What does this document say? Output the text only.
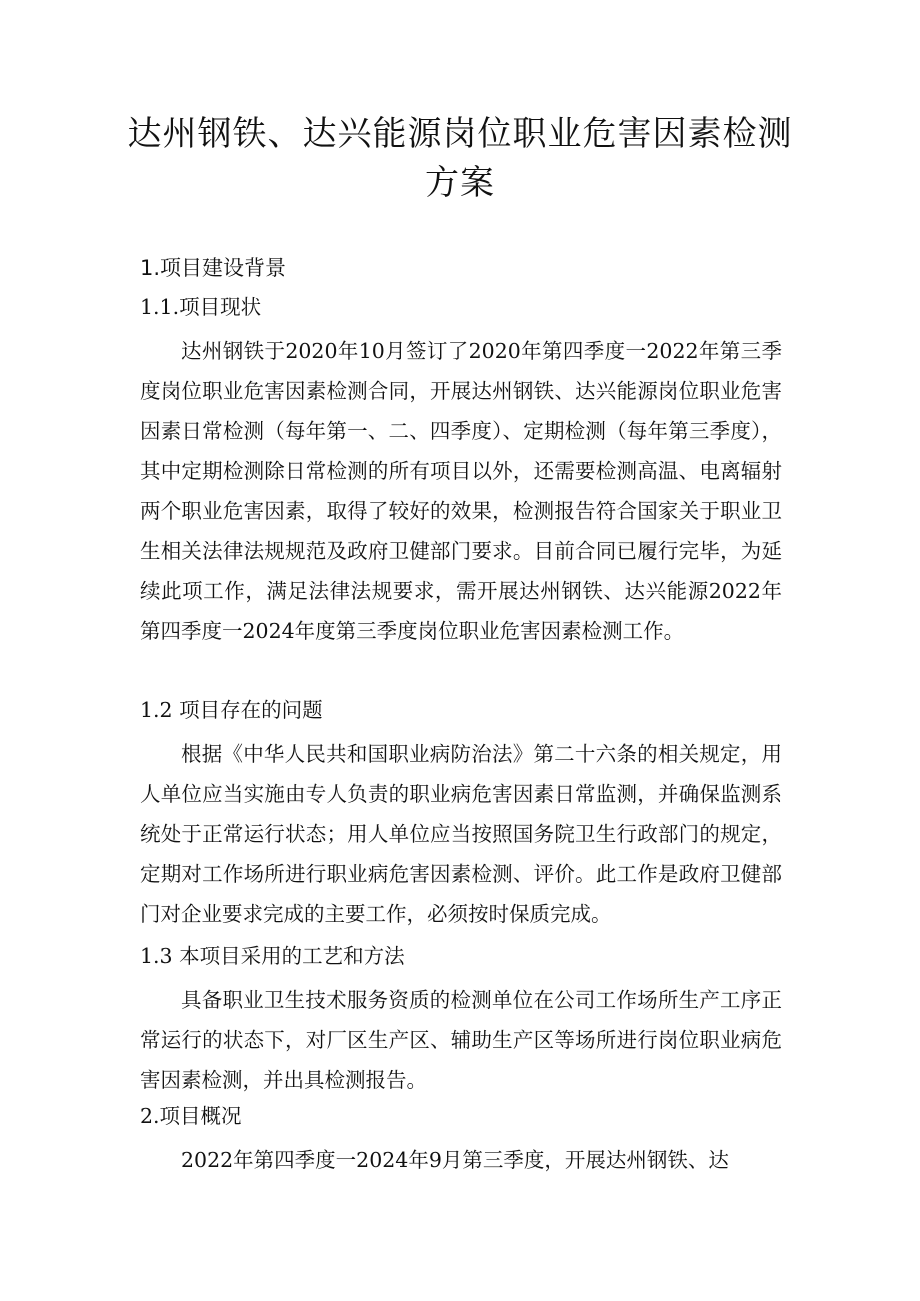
达州钢铁、达兴能源岗位职业危害因素检测
方案
1.项目建设背景
1.1.项目现状

达州钢铁于2020年10月签订了2020年第四季度一2022年第三季度岗位职业危害因素检测合同，开展达州钢铁、达兴能源岗位职业危害因素日常检测（每年第一、二、四季度）、定期检测（每年第三季度），其中定期检测除日常检测的所有项目以外，还需要检测高温、电离辐射两个职业危害因素，取得了较好的效果，检测报告符合国家关于职业卫生相关法律法规规范及政府卫健部门要求。目前合同已履行完毕，为延续此项工作，满足法律法规要求，需开展达州钢铁、达兴能源2022年第四季度一2024年度第三季度岗位职业危害因素检测工作。

1.2 项目存在的问题

根据《中华人民共和国职业病防治法》第二十六条的相关规定，用人单位应当实施由专人负责的职业病危害因素日常监测，并确保监测系统处于正常运行状态；用人单位应当按照国务院卫生行政部门的规定，定期对工作场所进行职业病危害因素检测、评价。此工作是政府卫健部门对企业要求完成的主要工作，必须按时保质完成。

1.3 本项目采用的工艺和方法

具备职业卫生技术服务资质的检测单位在公司工作场所生产工序正常运行的状态下，对厂区生产区、辅助生产区等场所进行岗位职业病危害因素检测，并出具检测报告。

2.项目概况

2022年第四季度一2024年9月第三季度，开展达州钢铁、达
